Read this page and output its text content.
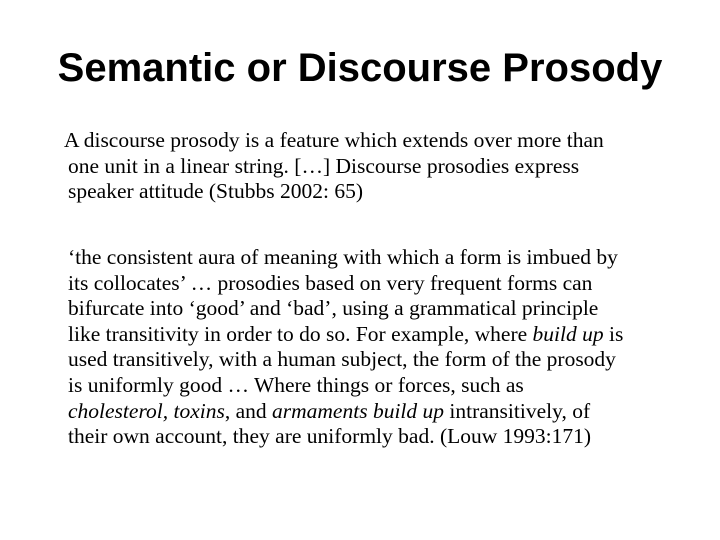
Semantic or Discourse Prosody
A discourse prosody is a feature which extends over more than
one unit in a linear string. […] Discourse prosodies express
speaker attitude (Stubbs 2002: 65)
‘the consistent aura of meaning with which a form is imbued by
its collocates’ … prosodies based on very frequent forms can
bifurcate into ‘good’ and ‘bad’, using a grammatical principle
like transitivity in order to do so. For example, where build up is
used transitively, with a human subject, the form of the prosody
is uniformly good … Where things or forces, such as
cholesterol, toxins, and armaments build up intransitively, of
their own account, they are uniformly bad. (Louw 1993:171)
